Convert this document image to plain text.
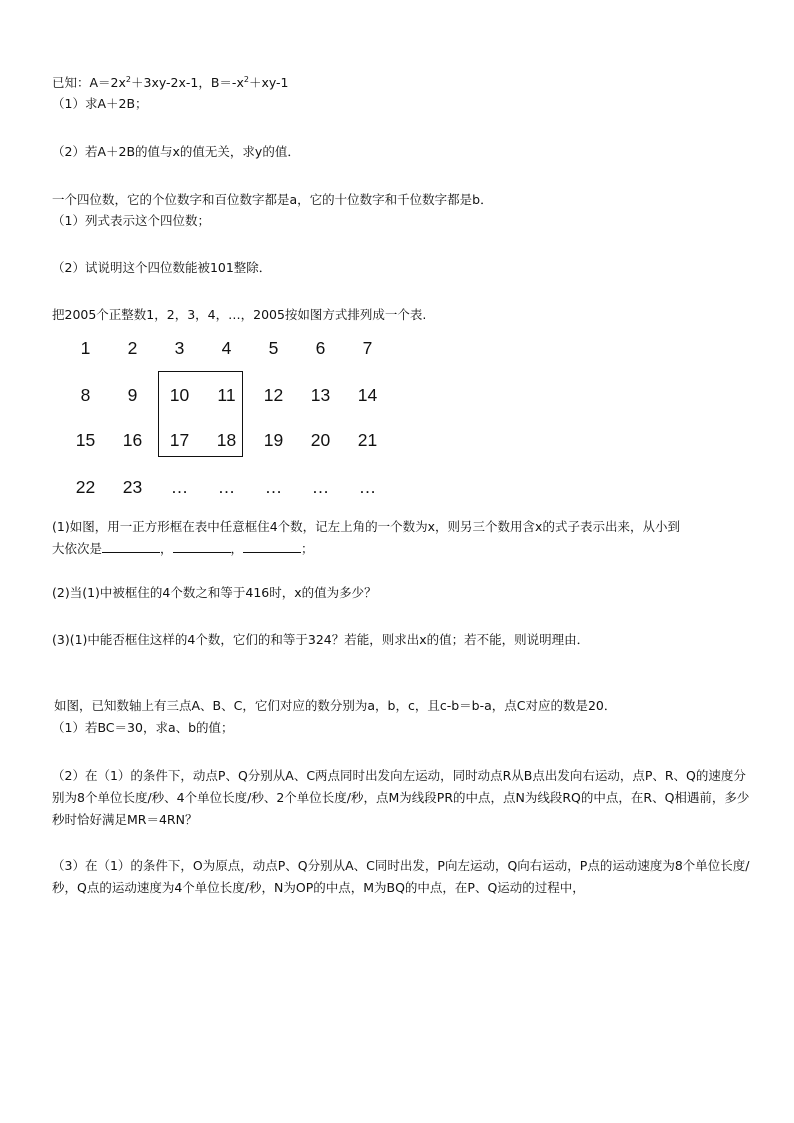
已知：$A=2x^2+3xy-2x-1$，$B=-x^2+xy-1$
（1）求A＋2B；
（2）若A＋2B的值与x的值无关，求y的值．
一个四位数，它的个位数字和百位数字都是a，它的十位数字和千位数字都是b．
（1）列式表示这个四位数；
（2）试说明这个四位数能被101整除．
把2005个正整数1，2，3，4，…，2005按如图方式排列成一个表.
1	2	3	4	5	6	7
8	9	10	11	12	13	14
15	16	17	18	19	20	21
22	23	…	…	…	…	…
(1)如图，用一正方形框在表中任意框住4个数，记左上角的一个数为x，则另三个数用含x的式子表示出来，从小到
大依次是	，	，	；
(2)当(1)中被框住的4个数之和等于416时，x的值为多少？
(3)(1)中能否框住这样的4个数，它们的和等于324？若能，则求出x的值；若不能，则说明理由．
如图，已知数轴上有三点A、B、C，它们对应的数分别为a，b，c，且c-b＝b-a，点C对应的数是20．
（1）若BC＝30，求a、b的值；
（2）在（1）的条件下，动点P、Q分别从A、C两点同时出发向左运动，同时动点R从B点出发向右运动，点P、R、Q的速度分别为8个单位长度/秒、4个单位长度/秒、2个单位长度/秒，点M为线段PR的中点，点N为线段RQ的中点，在R、Q相遇前，多少秒时恰好满足MR＝4RN？
（3）在（1）的条件下，O为原点，动点P、Q分别从A、C同时出发，P向左运动，Q向右运动，P点的运动速度为8个单位长度/秒，Q点的运动速度为4个单位长度/秒，N为OP的中点，M为BQ的中点，在P、Q运动的过程中，
